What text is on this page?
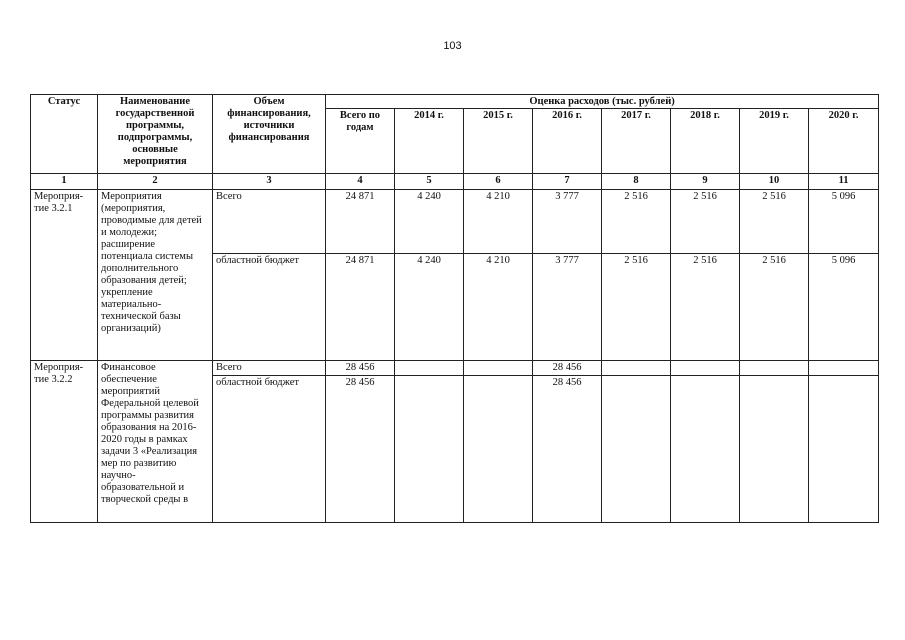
103
Статус	Наименование государственной программы, подпрограммы, основные мероприятия	Объем финансирования, источники финансирования	Оценка расходов (тыс. рублей)							
			Всего по годам	2014 г.	2015 г.	2016 г.	2017 г.	2018 г.	2019 г.	2020 г.
1	2	3	4	5	6	7	8	9	10	11
Мероприя-тие 3.2.1	Мероприятия (мероприятия, проводимые для детей и молодежи; расширение потенциала системы дополнительного образования детей; укрепление материально-технической базы организаций)	Всего	24 871	4 240	4 210	3 777	2 516	2 516	2 516	5 096
		областной бюджет	24 871	4 240	4 210	3 777	2 516	2 516	2 516	5 096
Мероприя-тие 3.2.2	Финансовое обеспечение мероприятий Федеральной целевой программы развития образования на 2016-2020 годы в рамках задачи 3 «Реализация мер по развитию научно-образовательной и творческой среды в	Всего	28 456			28 456				
		областной бюджет	28 456			28 456				
